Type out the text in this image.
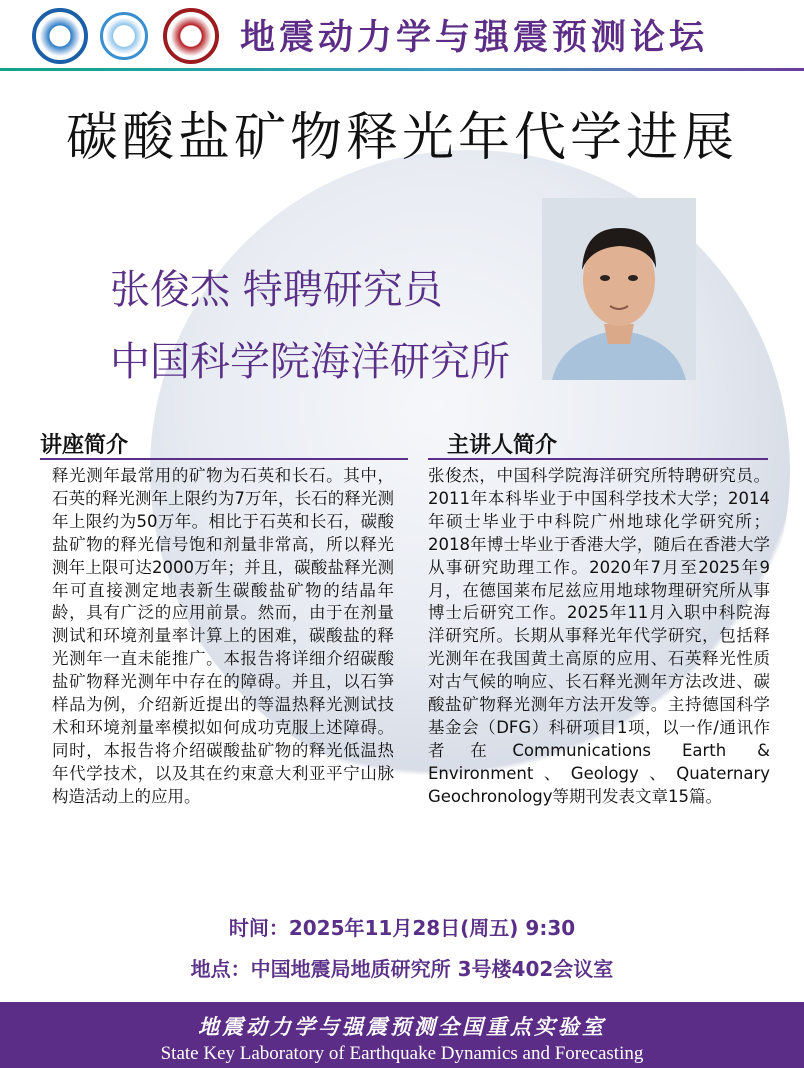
地震动力学与强震预测论坛
碳酸盐矿物释光年代学进展
张俊杰 特聘研究员
中国科学院海洋研究所
讲座简介	主讲人简介
释光测年最常用的矿物为石英和长石。其中，石英的释光测年上限约为7万年，长石的释光测年上限约为50万年。相比于石英和长石，碳酸盐矿物的释光信号饱和剂量非常高，所以释光测年上限可达2000万年；并且，碳酸盐释光测年可直接测定地表新生碳酸盐矿物的结晶年龄，具有广泛的应用前景。然而，由于在剂量测试和环境剂量率计算上的困难，碳酸盐的释光测年一直未能推广。本报告将详细介绍碳酸盐矿物释光测年中存在的障碍。并且，以石笋样品为例，介绍新近提出的等温热释光测试技术和环境剂量率模拟如何成功克服上述障碍。同时，本报告将介绍碳酸盐矿物的释光低温热年代学技术，以及其在约束意大利亚平宁山脉构造活动上的应用。
张俊杰，中国科学院海洋研究所特聘研究员。2011年本科毕业于中国科学技术大学；2014年硕士毕业于中科院广州地球化学研究所；2018年博士毕业于香港大学，随后在香港大学从事研究助理工作。2020年7月至2025年9月，在德国莱布尼兹应用地球物理研究所从事博士后研究工作。2025年11月入职中科院海洋研究所。长期从事释光年代学研究，包括释光测年在我国黄土高原的应用、石英释光性质对古气候的响应、长石释光测年方法改进、碳酸盐矿物释光测年方法开发等。主持德国科学基金会（DFG）科研项目1项，以一作/通讯作者在Communications Earth & Environment、Geology、Quaternary Geochronology等期刊发表文章15篇。
时间：2025年11月28日(周五) 9:30
地点：中国地震局地质研究所 3号楼402会议室
地震动力学与强震预测全国重点实验室
State Key Laboratory of Earthquake Dynamics and Forecasting
